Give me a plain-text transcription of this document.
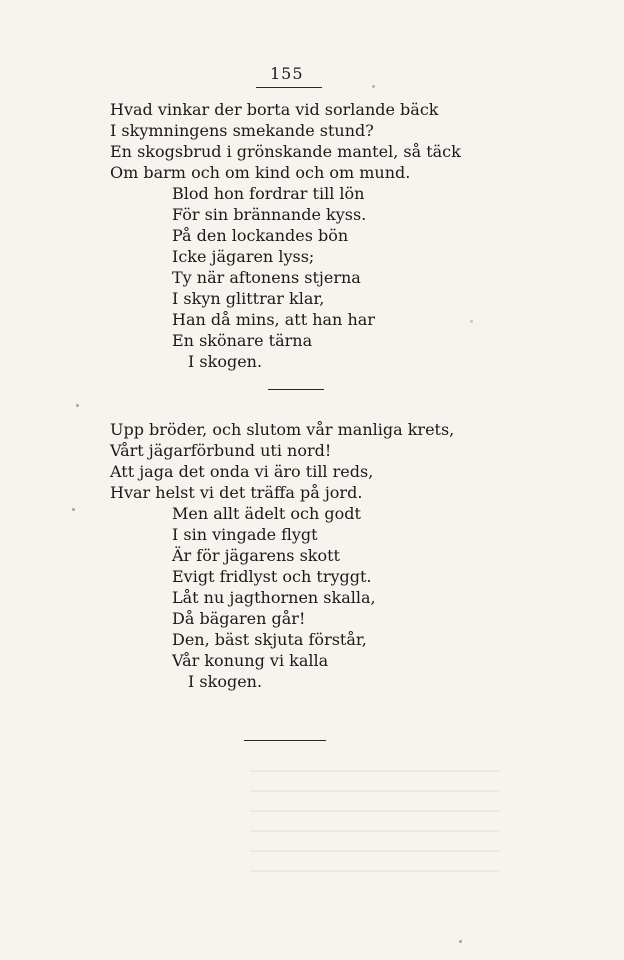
155
Hvad vinkar der borta vid sorlande bäck
I skymningens smekande stund?
En skogsbrud i grönskande mantel, så täck
Om barm och om kind och om mund.
Blod hon fordrar till lön
För sin brännande kyss.
På den lockandes bön
Icke jägaren lyss;
Ty när aftonens stjerna
I skyn glittrar klar,
Han då mins, att han har
En skönare tärna
I skogen.
Upp bröder, och slutom vår manliga krets,
Vårt jägarförbund uti nord!
Att jaga det onda vi äro till reds,
Hvar helst vi det träffa på jord.
Men allt ädelt och godt
I sin vingade flygt
Är för jägarens skott
Evigt fridlyst och tryggt.
Låt nu jagthornen skalla,
Då bägaren går!
Den, bäst skjuta förstår,
Vår konung vi kalla
I skogen.
